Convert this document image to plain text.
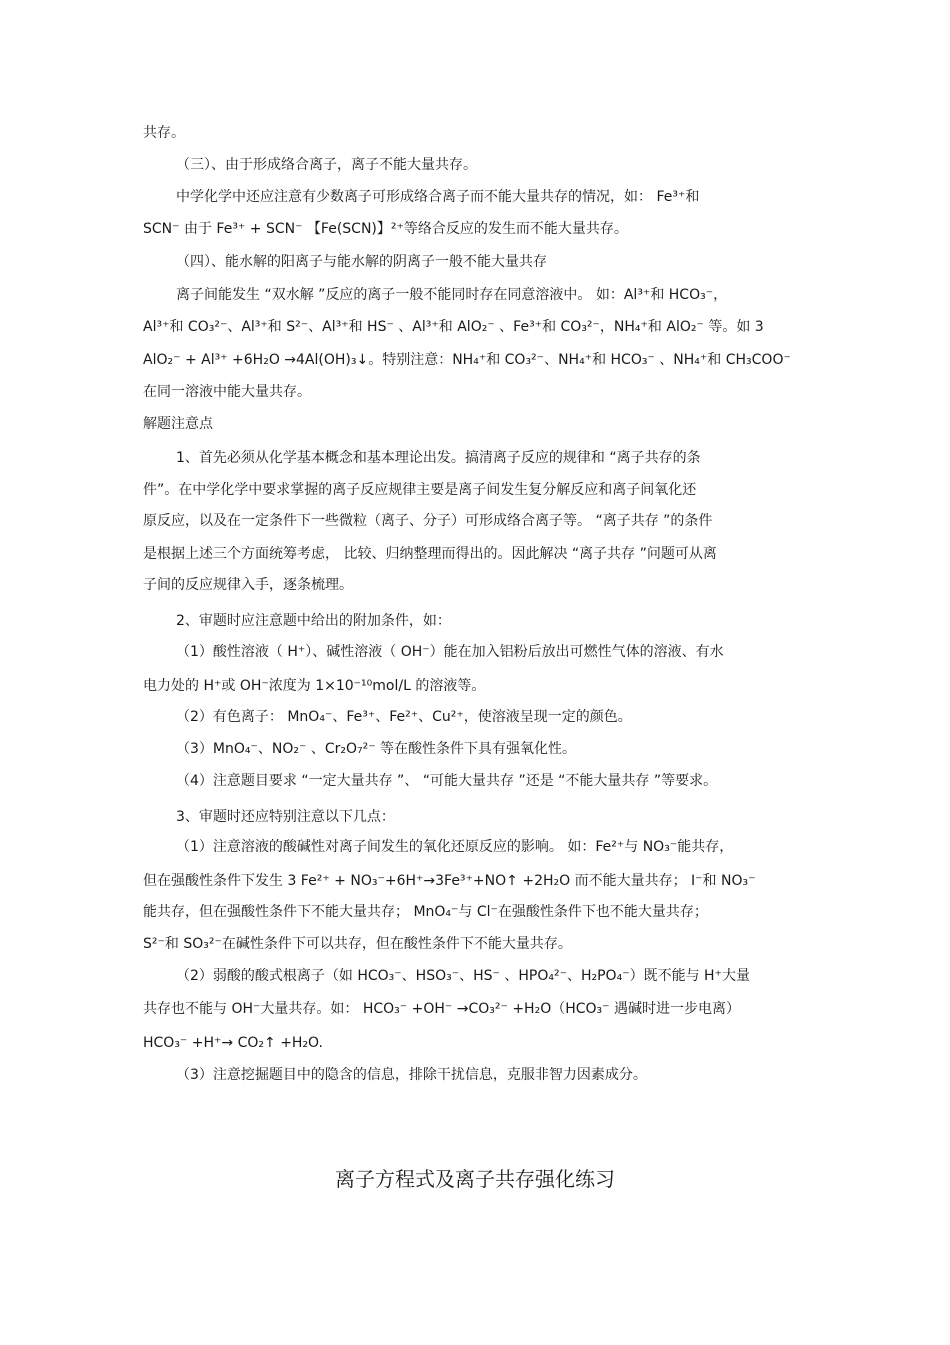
共存。
（三）、由于形成络合离子，离子不能大量共存。
中学化学中还应注意有少数离子可形成络合离子而不能大量共存的情况，如： Fe³⁺和
SCN⁻ 由于 Fe³⁺ + SCN⁻ 【Fe(SCN)】²⁺等络合反应的发生而不能大量共存。
（四）、能水解的阳离子与能水解的阴离子一般不能大量共存
离子间能发生 “双水解 ”反应的离子一般不能同时存在同意溶液中。 如：Al³⁺和 HCO₃⁻，
Al³⁺和 CO₃²⁻、Al³⁺和 S²⁻、Al³⁺和 HS⁻ 、Al³⁺和 AlO₂⁻ 、Fe³⁺和 CO₃²⁻，NH₄⁺和 AlO₂⁻ 等。如 3
AlO₂⁻ + Al³⁺ +6H₂O →4Al(OH)₃↓。特别注意：NH₄⁺和 CO₃²⁻、NH₄⁺和 HCO₃⁻ 、NH₄⁺和 CH₃COO⁻
在同一溶液中能大量共存。
解题注意点
1、首先必须从化学基本概念和基本理论出发。搞清离子反应的规律和 “离子共存的条
件”。在中学化学中要求掌握的离子反应规律主要是离子间发生复分解反应和离子间氧化还
原反应，以及在一定条件下一些微粒（离子、分子）可形成络合离子等。 “离子共存 ”的条件
是根据上述三个方面统筹考虑， 比较、归纳整理而得出的。因此解决 “离子共存 ”问题可从离
子间的反应规律入手，逐条梳理。
2、审题时应注意题中给出的附加条件，如：
（1）酸性溶液（ H⁺）、碱性溶液（ OH⁻）能在加入铝粉后放出可燃性气体的溶液、有水
电力处的 H⁺或 OH⁻浓度为 1×10⁻¹⁰mol/L 的溶液等。
（2）有色离子： MnO₄⁻、Fe³⁺、Fe²⁺、Cu²⁺，使溶液呈现一定的颜色。
（3）MnO₄⁻、NO₂⁻ 、Cr₂O₇²⁻ 等在酸性条件下具有强氧化性。
（4）注意题目要求 “一定大量共存 ”、 “可能大量共存 ”还是 “不能大量共存 ”等要求。
3、审题时还应特别注意以下几点：
（1）注意溶液的酸碱性对离子间发生的氧化还原反应的影响。 如：Fe²⁺与 NO₃⁻能共存，
但在强酸性条件下发生 3 Fe²⁺ + NO₃⁻+6H⁺→3Fe³⁺+NO↑ +2H₂O 而不能大量共存； I⁻和 NO₃⁻
能共存，但在强酸性条件下不能大量共存； MnO₄⁻与 Cl⁻在强酸性条件下也不能大量共存；
S²⁻和 SO₃²⁻在碱性条件下可以共存，但在酸性条件下不能大量共存。
（2）弱酸的酸式根离子（如 HCO₃⁻、HSO₃⁻、HS⁻ 、HPO₄²⁻、H₂PO₄⁻）既不能与 H⁺大量
共存也不能与 OH⁻大量共存。如： HCO₃⁻ +OH⁻ →CO₃²⁻ +H₂O（HCO₃⁻ 遇碱时进一步电离）
HCO₃⁻ +H⁺→ CO₂↑ +H₂O.
（3）注意挖掘题目中的隐含的信息，排除干扰信息，克服非智力因素成分。
离子方程式及离子共存强化练习
